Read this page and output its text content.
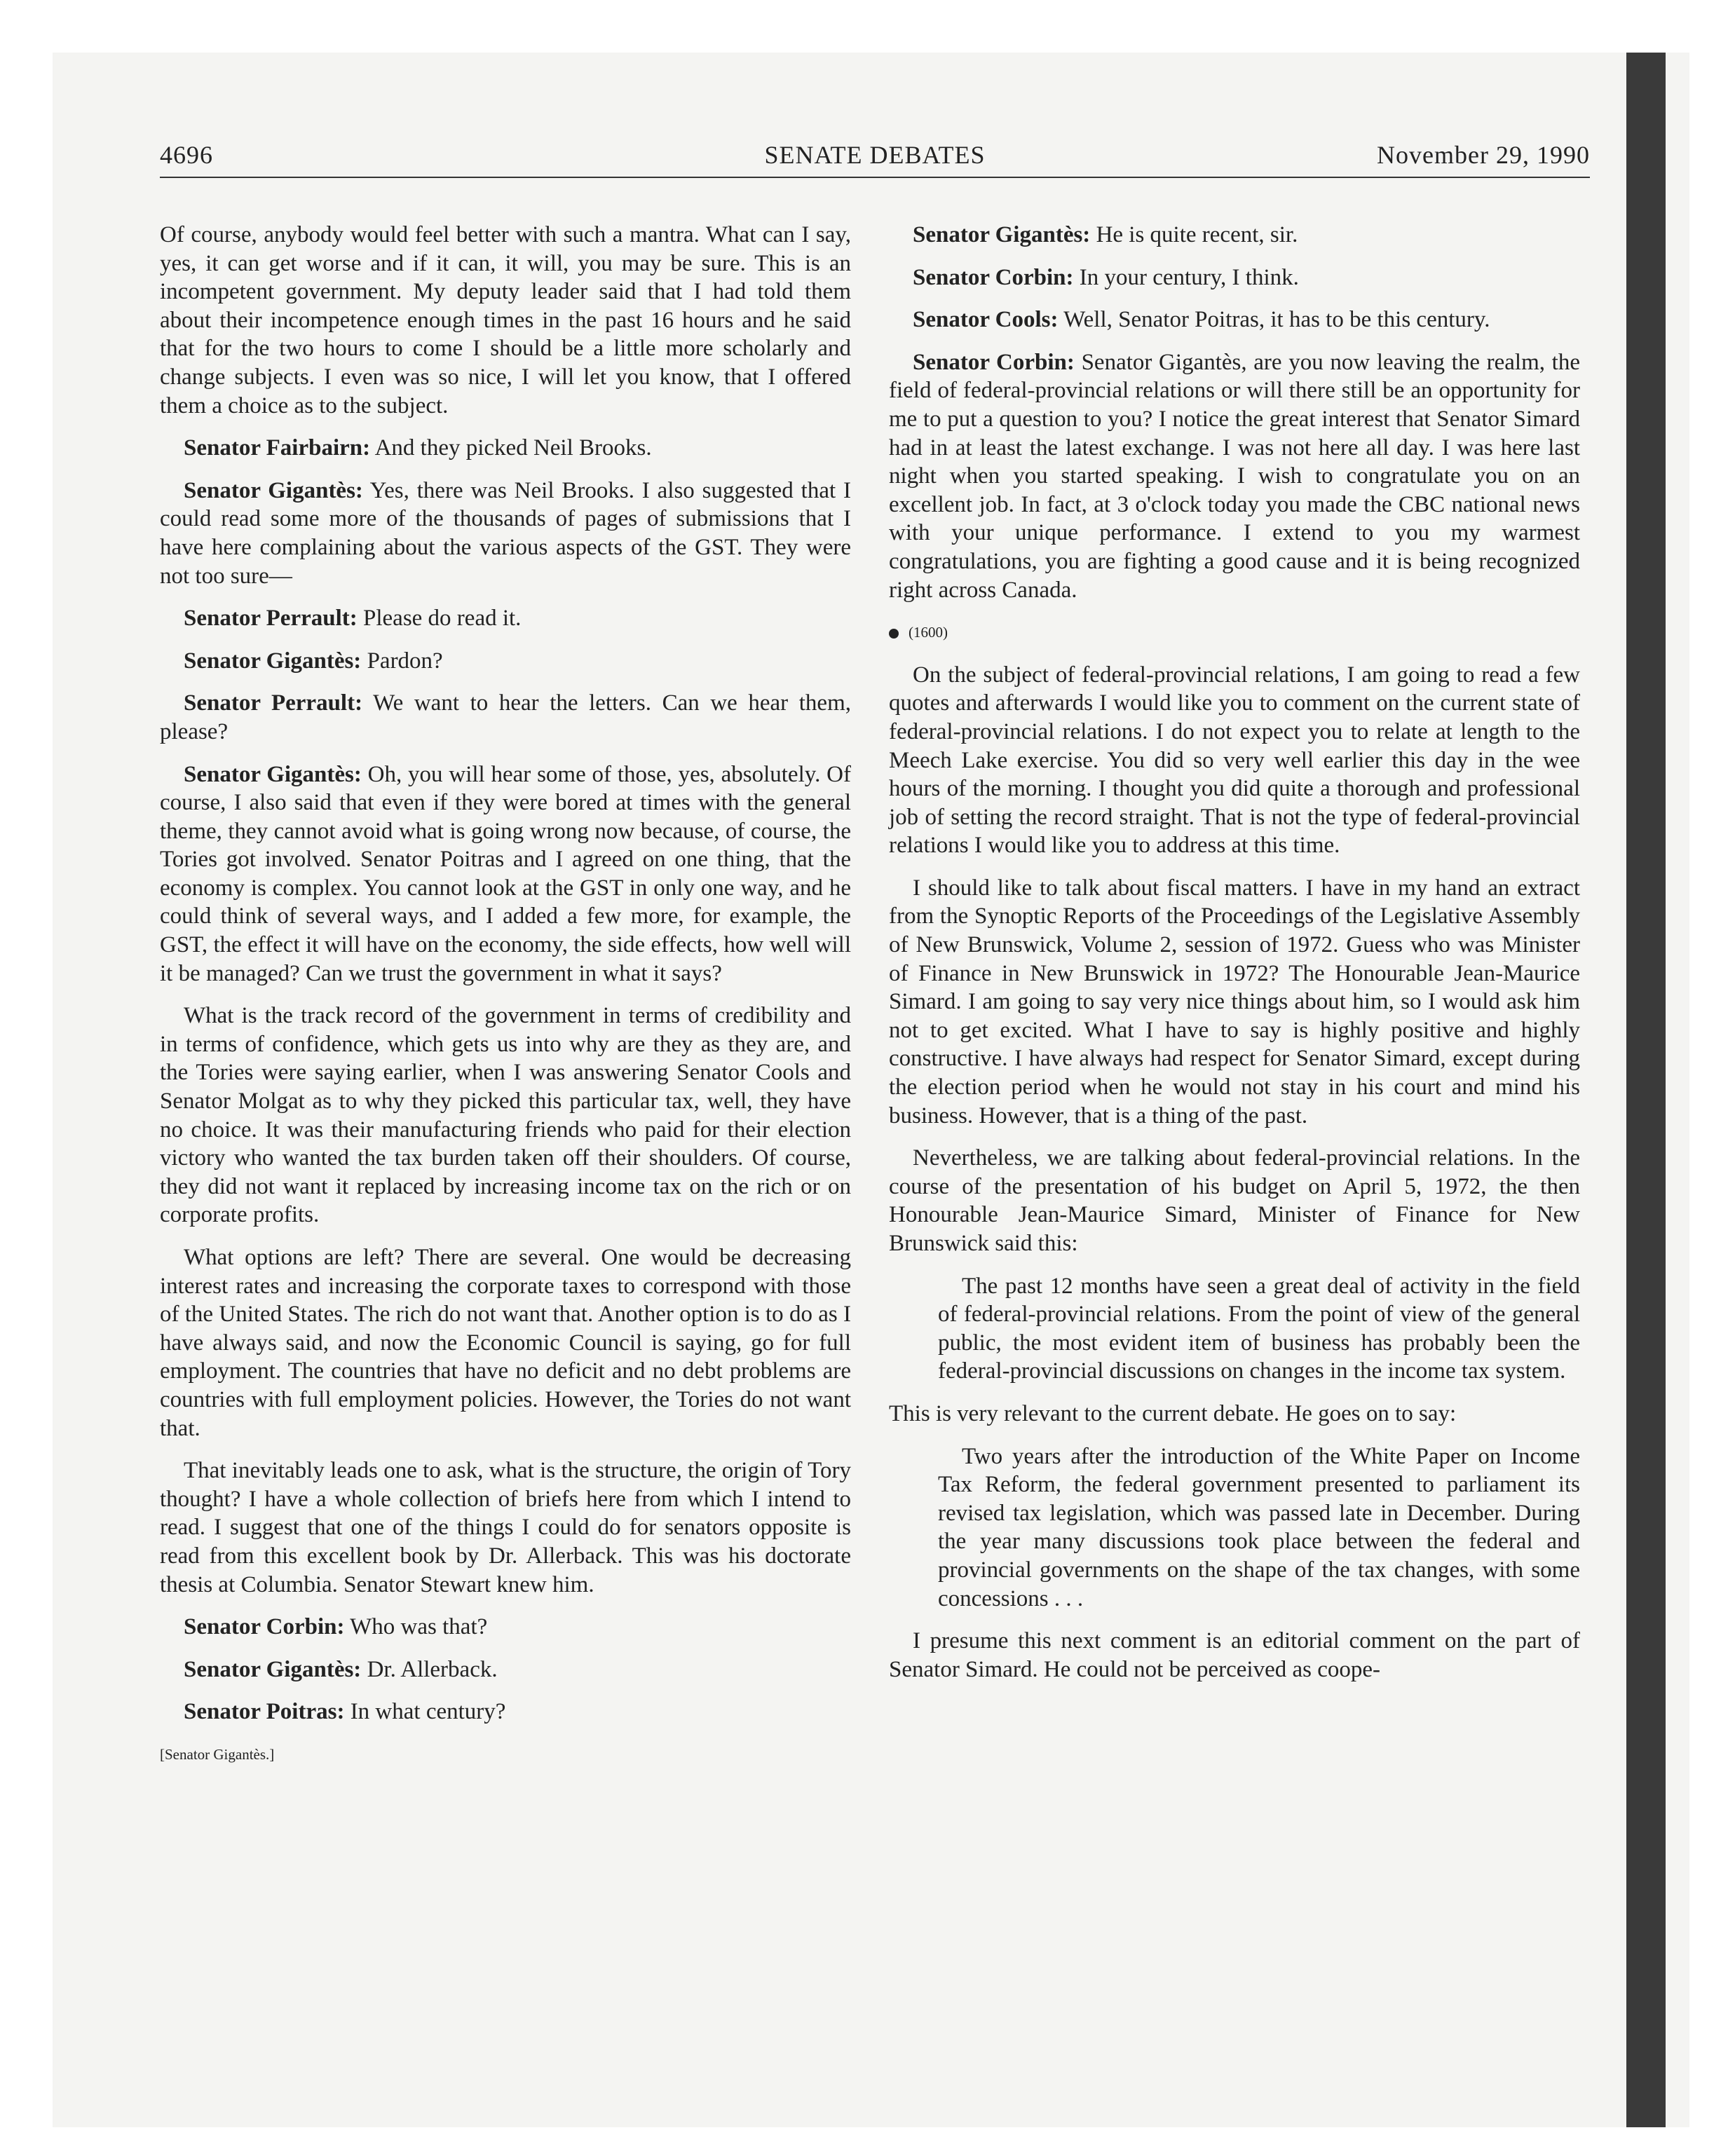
4696	SENATE DEBATES	November 29, 1990

Of course, anybody would feel better with such a mantra. What can I say, yes, it can get worse and if it can, it will, you may be sure. This is an incompetent government. My deputy leader said that I had told them about their incompetence enough times in the past 16 hours and he said that for the two hours to come I should be a little more scholarly and change subjects. I even was so nice, I will let you know, that I offered them a choice as to the subject.

Senator Fairbairn: And they picked Neil Brooks.

Senator Gigantès: Yes, there was Neil Brooks. I also suggested that I could read some more of the thousands of pages of submissions that I have here complaining about the various aspects of the GST. They were not too sure—

Senator Perrault: Please do read it.

Senator Gigantès: Pardon?

Senator Perrault: We want to hear the letters. Can we hear them, please?

Senator Gigantès: Oh, you will hear some of those, yes, absolutely. Of course, I also said that even if they were bored at times with the general theme, they cannot avoid what is going wrong now because, of course, the Tories got involved. Senator Poitras and I agreed on one thing, that the economy is complex. You cannot look at the GST in only one way, and he could think of several ways, and I added a few more, for example, the GST, the effect it will have on the economy, the side effects, how well will it be managed? Can we trust the government in what it says?

What is the track record of the government in terms of credibility and in terms of confidence, which gets us into why are they as they are, and the Tories were saying earlier, when I was answering Senator Cools and Senator Molgat as to why they picked this particular tax, well, they have no choice. It was their manufacturing friends who paid for their election victory who wanted the tax burden taken off their shoulders. Of course, they did not want it replaced by increasing income tax on the rich or on corporate profits.

What options are left? There are several. One would be decreasing interest rates and increasing the corporate taxes to correspond with those of the United States. The rich do not want that. Another option is to do as I have always said, and now the Economic Council is saying, go for full employment. The countries that have no deficit and no debt problems are countries with full employment policies. However, the Tories do not want that.

That inevitably leads one to ask, what is the structure, the origin of Tory thought? I have a whole collection of briefs here from which I intend to read. I suggest that one of the things I could do for senators opposite is read from this excellent book by Dr. Allerback. This was his doctorate thesis at Columbia. Senator Stewart knew him.

Senator Corbin: Who was that?

Senator Gigantès: Dr. Allerback.

Senator Poitras: In what century?

[Senator Gigantès.]

Senator Gigantès: He is quite recent, sir.

Senator Corbin: In your century, I think.

Senator Cools: Well, Senator Poitras, it has to be this century.

Senator Corbin: Senator Gigantès, are you now leaving the realm, the field of federal-provincial relations or will there still be an opportunity for me to put a question to you? I notice the great interest that Senator Simard had in at least the latest exchange. I was not here all day. I was here last night when you started speaking. I wish to congratulate you on an excellent job. In fact, at 3 o'clock today you made the CBC national news with your unique performance. I extend to you my warmest congratulations, you are fighting a good cause and it is being recognized right across Canada.

(1600)

On the subject of federal-provincial relations, I am going to read a few quotes and afterwards I would like you to comment on the current state of federal-provincial relations. I do not expect you to relate at length to the Meech Lake exercise. You did so very well earlier this day in the wee hours of the morning. I thought you did quite a thorough and professional job of setting the record straight. That is not the type of federal-provincial relations I would like you to address at this time.

I should like to talk about fiscal matters. I have in my hand an extract from the Synoptic Reports of the Proceedings of the Legislative Assembly of New Brunswick, Volume 2, session of 1972. Guess who was Minister of Finance in New Brunswick in 1972? The Honourable Jean-Maurice Simard. I am going to say very nice things about him, so I would ask him not to get excited. What I have to say is highly positive and highly constructive. I have always had respect for Senator Simard, except during the election period when he would not stay in his court and mind his business. However, that is a thing of the past.

Nevertheless, we are talking about federal-provincial relations. In the course of the presentation of his budget on April 5, 1972, the then Honourable Jean-Maurice Simard, Minister of Finance for New Brunswick said this:

The past 12 months have seen a great deal of activity in the field of federal-provincial relations. From the point of view of the general public, the most evident item of business has probably been the federal-provincial discussions on changes in the income tax system.

This is very relevant to the current debate. He goes on to say:

Two years after the introduction of the White Paper on Income Tax Reform, the federal government presented to parliament its revised tax legislation, which was passed late in December. During the year many discussions took place between the federal and provincial governments on the shape of the tax changes, with some concessions . . .

I presume this next comment is an editorial comment on the part of Senator Simard. He could not be perceived as coope-
